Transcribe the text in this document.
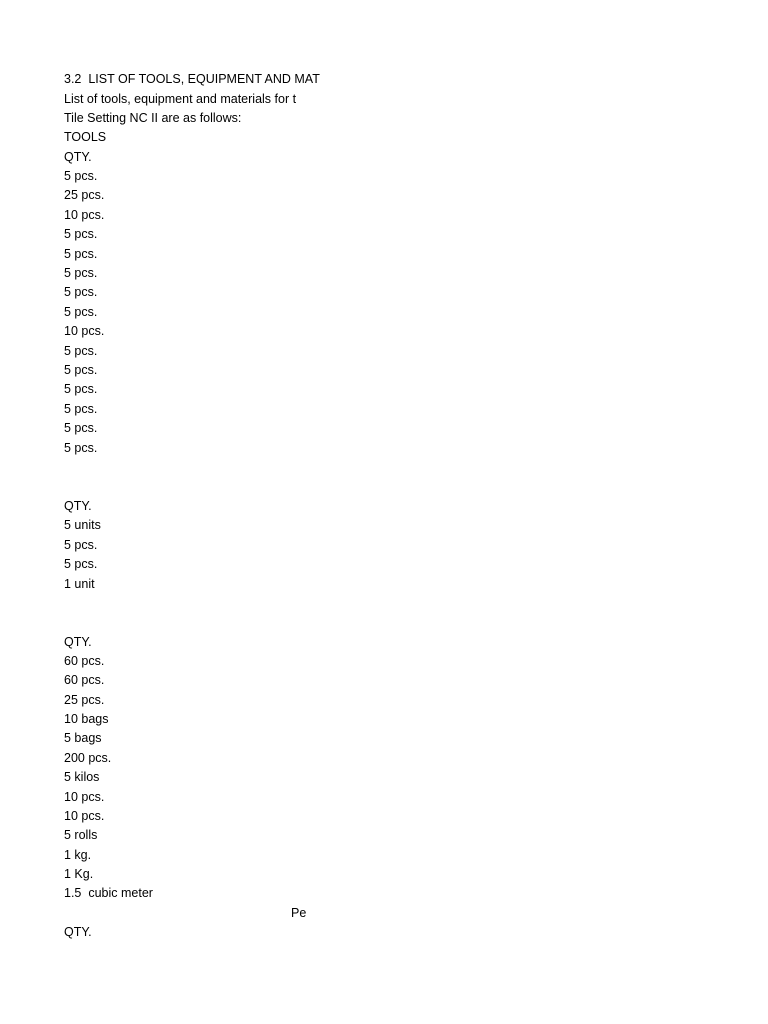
3.2  LIST OF TOOLS, EQUIPMENT AND MAT
List of tools, equipment and materials for t
Tile Setting NC II are as follows:
TOOLS
QTY.
5 pcs.
25 pcs.
10 pcs.
5 pcs.
5 pcs.
5 pcs.
5 pcs.
5 pcs.
10 pcs.
5 pcs.
5 pcs.
5 pcs.
5 pcs.
5 pcs.
5 pcs.
QTY.
5 units
5 pcs.
5 pcs.
1 unit
QTY.
60 pcs.
60 pcs.
25 pcs.
10 bags
5 bags
200 pcs.
5 kilos
10 pcs.
10 pcs.
5 rolls
1 kg.
1 Kg.
1.5  cubic meter
Pe
QTY.
